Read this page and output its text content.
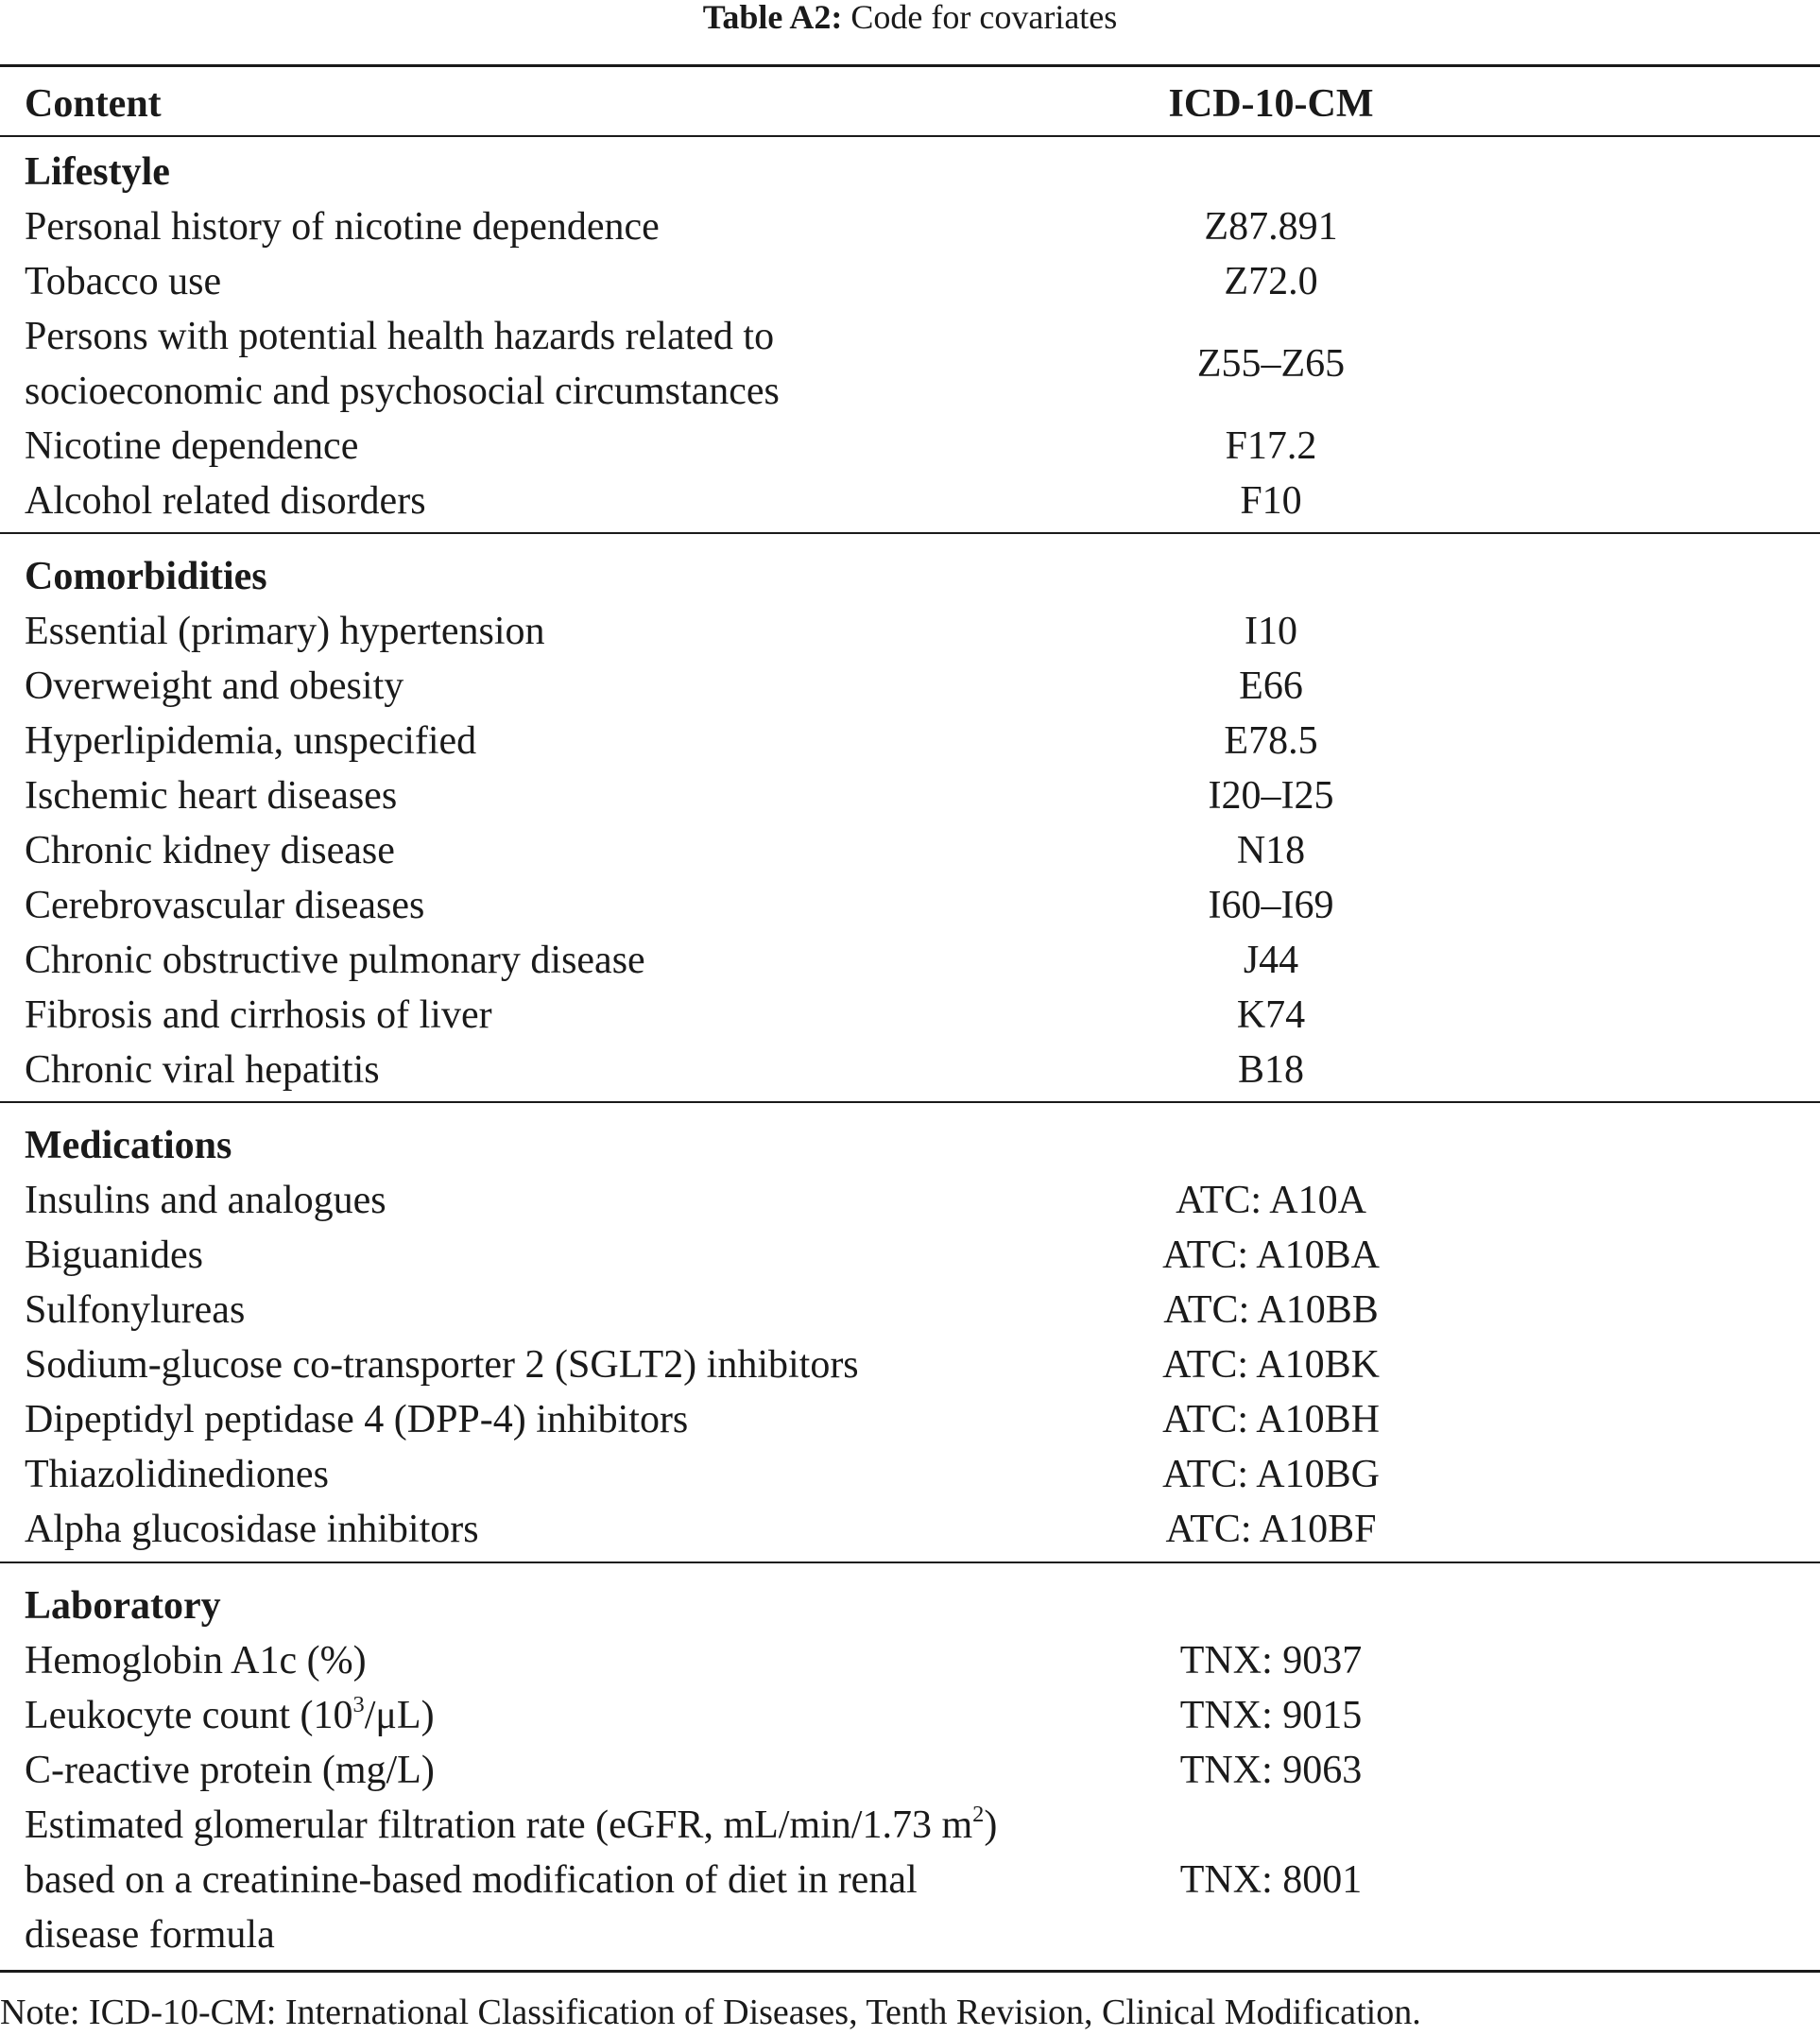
Table A2: Code for covariates
Content	ICD-10-CM
Lifestyle
Personal history of nicotine dependence	Z87.891
Tobacco use	Z72.0
Persons with potential health hazards related to
socioeconomic and psychosocial circumstances
Z55–Z65
Nicotine dependence	F17.2
Alcohol related disorders	F10
Comorbidities
Essential (primary) hypertension	I10
Overweight and obesity	E66
Hyperlipidemia, unspecified	E78.5
Ischemic heart diseases	I20–I25
Chronic kidney disease	N18
Cerebrovascular diseases	I60–I69
Chronic obstructive pulmonary disease	J44
Fibrosis and cirrhosis of liver	K74
Chronic viral hepatitis	B18
Medications
Insulins and analogues	ATC: A10A
Biguanides	ATC: A10BA
Sulfonylureas	ATC: A10BB
Sodium-glucose co-transporter 2 (SGLT2) inhibitors	ATC: A10BK
Dipeptidyl peptidase 4 (DPP-4) inhibitors	ATC: A10BH
Thiazolidinediones	ATC: A10BG
Alpha glucosidase inhibitors	ATC: A10BF
Laboratory
Hemoglobin A1c (%)	TNX: 9037
Leukocyte count $(10^3/\mu L)$	TNX: 9015
C-reactive protein (mg/L)	TNX: 9063
Estimated glomerular filtration rate (eGFR, mL/min/1.73 $m^2$)
based on a creatinine-based modification of diet in renal
disease formula
TNX: 8001
Note: ICD-10-CM: International Classification of Diseases, Tenth Revision, Clinical Modification.
